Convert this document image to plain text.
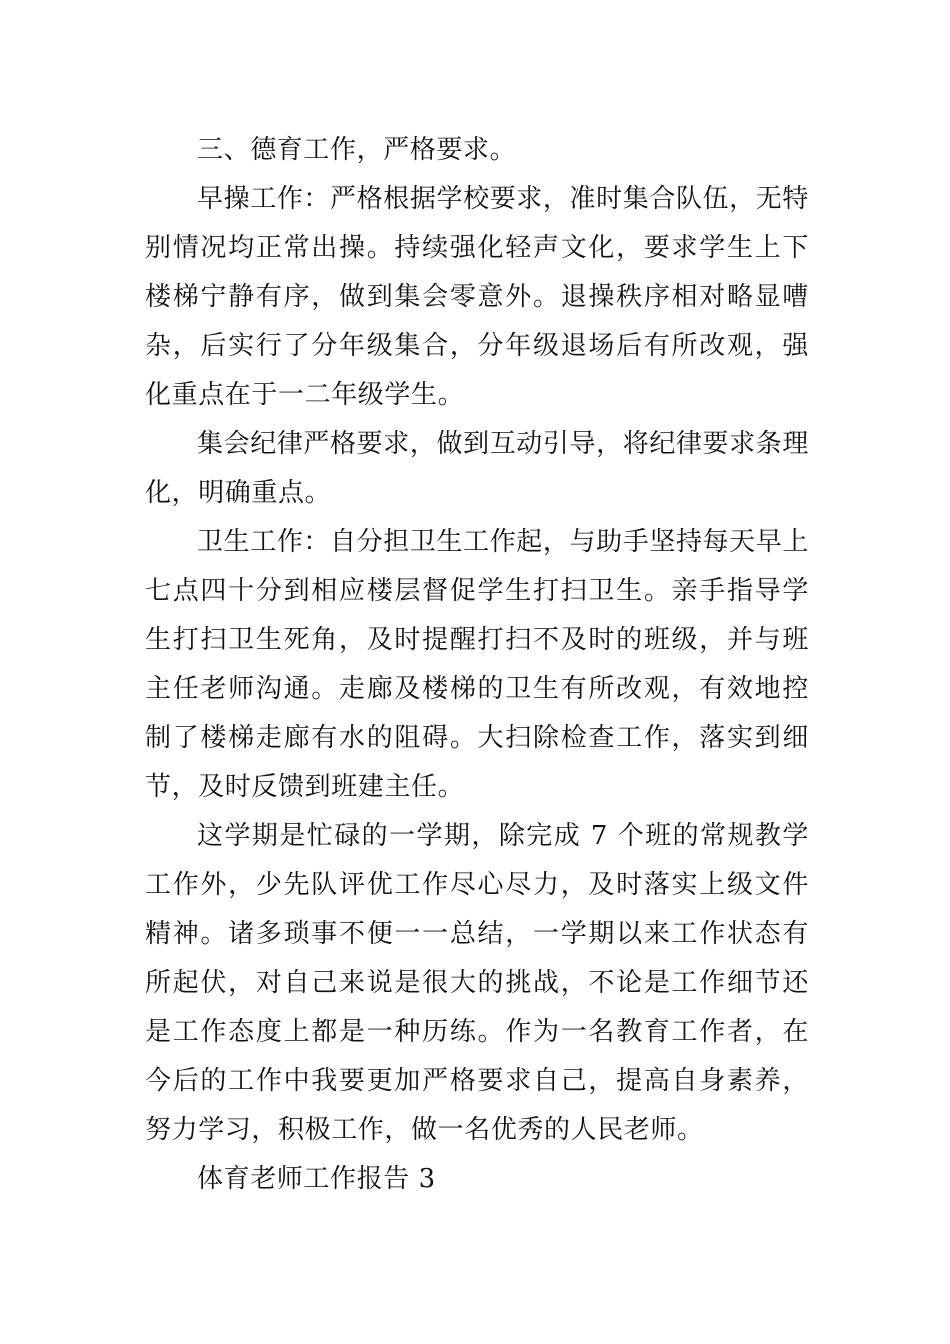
三、德育工作，严格要求。

早操工作：严格根据学校要求，准时集合队伍，无特别情况均正常出操。持续强化轻声文化，要求学生上下楼梯宁静有序，做到集会零意外。退操秩序相对略显嘈杂，后实行了分年级集合，分年级退场后有所改观，强化重点在于一二年级学生。

集会纪律严格要求，做到互动引导，将纪律要求条理化，明确重点。

卫生工作：自分担卫生工作起，与助手坚持每天早上七点四十分到相应楼层督促学生打扫卫生。亲手指导学生打扫卫生死角，及时提醒打扫不及时的班级，并与班主任老师沟通。走廊及楼梯的卫生有所改观，有效地控制了楼梯走廊有水的阻碍。大扫除检查工作，落实到细节，及时反馈到班建主任。

这学期是忙碌的一学期，除完成 7 个班的常规教学工作外，少先队评优工作尽心尽力，及时落实上级文件精神。诸多琐事不便一一总结，一学期以来工作状态有所起伏，对自己来说是很大的挑战，不论是工作细节还是工作态度上都是一种历练。作为一名教育工作者，在今后的工作中我要更加严格要求自己，提高自身素养，努力学习，积极工作，做一名优秀的人民老师。

体育老师工作报告 3
